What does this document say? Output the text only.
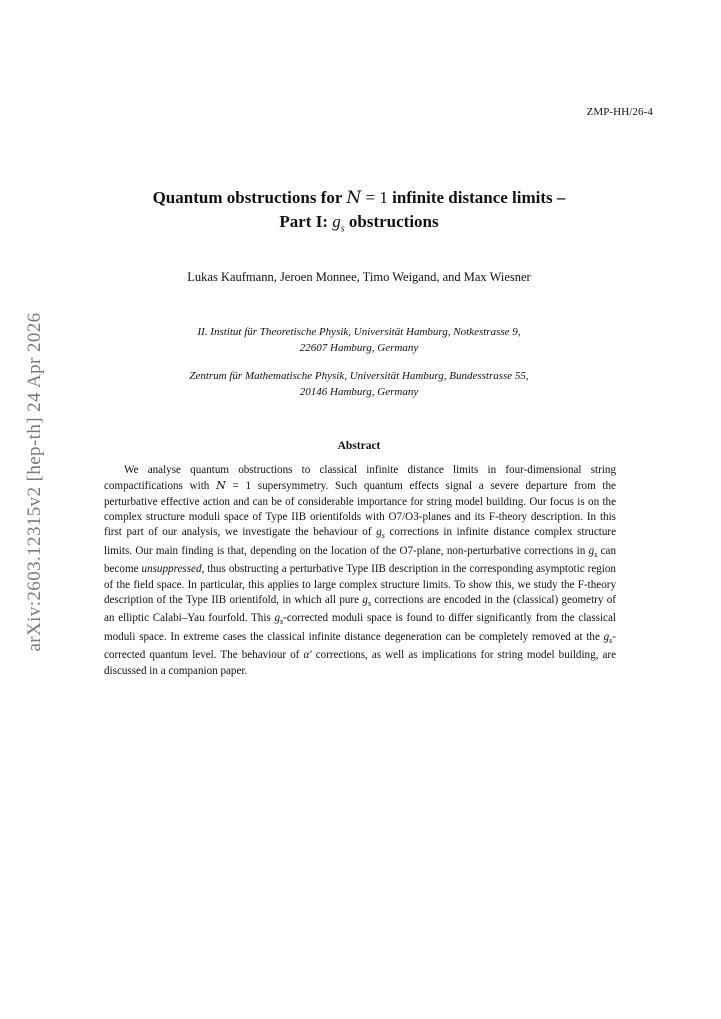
ZMP-HH/26-4
arXiv:2603.12315v2 [hep-th] 24 Apr 2026
Quantum obstructions for N = 1 infinite distance limits –
Part I: $g_s$ obstructions
Lukas Kaufmann, Jeroen Monnee, Timo Weigand, and Max Wiesner
II. Institut für Theoretische Physik, Universität Hamburg, Notkestrasse 9,
22607 Hamburg, Germany
Zentrum für Mathematische Physik, Universität Hamburg, Bundesstrasse 55,
20146 Hamburg, Germany
Abstract

We analyse quantum obstructions to classical infinite distance limits in four-dimensional string compactifications with N = 1 supersymmetry. Such quantum effects signal a severe departure from the perturbative effective action and can be of considerable importance for string model building. Our focus is on the complex structure moduli space of Type IIB orientifolds with O7/O3-planes and its F-theory description. In this first part of our analysis, we investigate the behaviour of $g_s$ corrections in infinite distance complex structure limits. Our main finding is that, depending on the location of the O7-plane, non-perturbative corrections in $g_s$ can become unsuppressed, thus obstructing a perturbative Type IIB description in the corresponding asymptotic region of the field space. In particular, this applies to large complex structure limits. To show this, we study the F-theory description of the Type IIB orientifold, in which all pure $g_s$ corrections are encoded in the (classical) geometry of an elliptic Calabi–Yau fourfold. This $g_s$-corrected moduli space is found to differ significantly from the classical moduli space. In extreme cases the classical infinite distance degeneration can be completely removed at the $g_s$-corrected quantum level. The behaviour of α′ corrections, as well as implications for string model building, are discussed in a companion paper.
